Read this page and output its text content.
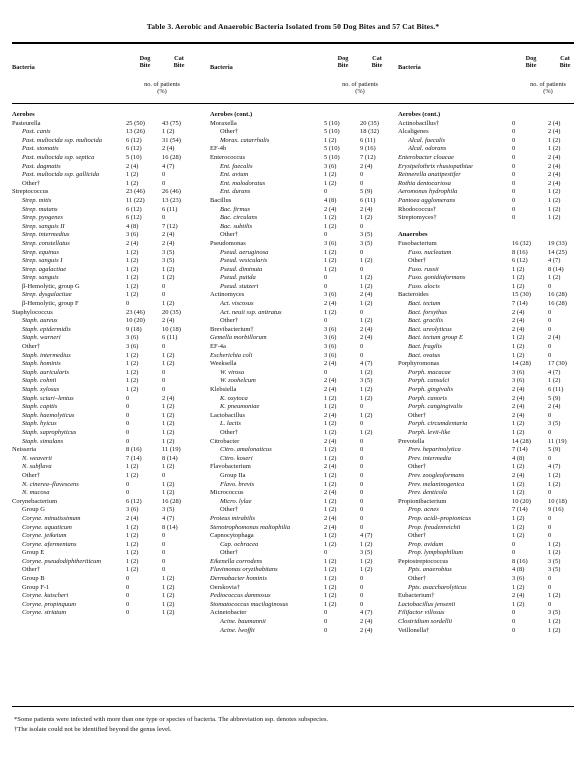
Table 3. Aerobic and Anaerobic Bacteria Isolated from 50 Dog Bites and 57 Cat Bites.*
Bacteria
Dog
Bite
Cat
Bite
no. of patients
(%)
Bacteria
Dog
Bite
Cat
Bite
no. of patients
(%)
Bacteria
Dog
Bite
Cat
Bite
no. of patients
(%)
Aerobes
Pasteurella	25 (50)	43 (75)
Past. canis	13 (26)	1 (2)
Past. multocida ssp. multocida	6 (12)	31 (54)
Past. stomatis	6 (12)	2 (4)
Past. multocida ssp. septica	5 (10)	16 (28)
Past. dagmatis	2 (4)	4 (7)
Past. multocida ssp. gallicida	1 (2)	0
Other†	1 (2)	0
Streptococcus	23 (46)	26 (46)
Strep. mitis	11 (22)	13 (23)
Strep. mutans	6 (12)	6 (11)
Strep. pyogenes	6 (12)	0
Strep. sanguis II	4 (8)	7 (12)
Strep. intermedius	3 (6)	2 (4)
Strep. constellatus	2 (4)	2 (4)
Strep. equinus	1 (2)	3 (5)
Strep. sanguis I	1 (2)	3 (5)
Strep. agalactiae	1 (2)	1 (2)
Strep. sanguis	1 (2)	1 (2)
β-Hemolytic, group G	1 (2)	0
Strep. dysgalactiae	1 (2)	0
β-Hemolytic, group F	0	1 (2)
Staphylococcus	23 (46)	20 (35)
Staph. aureus	10 (20)	2 (4)
Staph. epidermidis	9 (18)	10 (18)
Staph. warneri	3 (6)	6 (11)
Other†	3 (6)	0
Staph. intermedius	1 (2)	1 (2)
Staph. hominis	1 (2)	1 (2)
Staph. auricularis	1 (2)	0
Staph. cohnii	1 (2)	0
Staph. xylosus	1 (2)	0
Staph. sciuri–lentus	0	2 (4)
Staph. capitis	0	1 (2)
Staph. haemolyticus	0	1 (2)
Staph. hyicus	0	1 (2)
Staph. saprophyticus	0	1 (2)
Staph. simulans	0	1 (2)
Neisseria	8 (16)	11 (19)
N. weaverii	7 (14)	8 (14)
N. subflava	1 (2)	1 (2)
Other†	1 (2)	0
N. cinerea–flavescens	0	1 (2)
N. mucosa	0	1 (2)
Corynebacterium	6 (12)	16 (28)
Group G	3 (6)	3 (5)
Coryne. minutissimum	2 (4)	4 (7)
Coryne. aquaticum	1 (2)	8 (14)
Coryne. jeikeium	1 (2)	0
Coryne. afermentans	1 (2)	0
Group E	1 (2)	0
Coryne. pseudodiphtheriticum	1 (2)	0
Other†	1 (2)	0
Group B	0	1 (2)
Group F-1	0	1 (2)
Coryne. kutscheri	0	1 (2)
Coryne. propinquum	0	1 (2)
Coryne. striatum	0	1 (2)
Aerobes (cont.)
Moraxella	5 (10)	20 (35)
Other†	5 (10)	18 (32)
Morax. catarrhalis	1 (2)	6 (11)
EF-4b	5 (10)	9 (16)
Enterococcus	5 (10)	7 (12)
Ent. faecalis	3 (6)	2 (4)
Ent. avium	1 (2)	0
Ent. malodoratus	1 (2)	0
Ent. durans	0	5 (9)
Bacillus	4 (8)	6 (11)
Bac. firmus	2 (4)	2 (4)
Bac. circulans	1 (2)	1 (2)
Bac. subtilis	1 (2)	0
Other†	0	3 (5)
Pseudomonas	3 (6)	3 (5)
Pseud. aeruginosa	1 (2)	0
Pseud. vesicularis	1 (2)	1 (2)
Pseud. diminuta	1 (2)	0
Pseud. putida	0	1 (2)
Pseud. stutzeri	0	1 (2)
Actinomyces	3 (6)	2 (4)
Act. viscosus	2 (4)	1 (2)
Act. neuii ssp. anitratus	1 (2)	0
Other†	0	1 (2)
Brevibacterium†	3 (6)	2 (4)
Gemella morbillorum	3 (6)	2 (4)
EF-4a	3 (6)	0
Escherichia coli	3 (6)	0
Weeksella	2 (4)	4 (7)
W. virosa	0	1 (2)
W. zoohelcum	2 (4)	3 (5)
Klebsiella	2 (4)	1 (2)
K. oxytoca	1 (2)	1 (2)
K. pneumoniae	1 (2)	0
Lactobacillus	2 (4)	1 (2)
L. lactis	1 (2)	0
Other†	1 (2)	1 (2)
Citrobacter	2 (4)	0
Citro. amalonaticus	1 (2)	0
Citro. koseri	1 (2)	0
Flavobacterium	2 (4)	0
Group IIa	1 (2)	0
Flavo. brevis	1 (2)	0
Micrococcus	2 (4)	0
Micro. lylae	1 (2)	0
Other†	1 (2)	0
Proteus mirabilis	2 (4)	0
Stenotrophomonas maltophilia	2 (4)	0
Capnocytophaga	1 (2)	4 (7)
Cap. ochracea	1 (2)	1 (2)
Other†	0	3 (5)
Eikenella corrodens	1 (2)	1 (2)
Flavimonas oryzihabitans	1 (2)	1 (2)
Dermabacter hominis	1 (2)	0
Oerskovia†	1 (2)	0
Pediococcus damnosus	1 (2)	0
Stomatococcus mucilaginosus	1 (2)	0
Acinetobacter	0	4 (7)
Acine. baumannii	0	2 (4)
Acine. lwoffii	0	2 (4)
Aerobes (cont.)
Actinobacillus†	0	2 (4)
Alcaligenes	0	2 (4)
Alcal. faecalis	0	1 (2)
Alcal. odorans	0	1 (2)
Enterobacter cloacae	0	2 (4)
Erysipelothrix rhusiopathiae	0	2 (4)
Reimerella anatipestifer	0	2 (4)
Rothia dentocariosa	0	2 (4)
Aeromonas hydrophila	0	1 (2)
Pantoea agglomerans	0	1 (2)
Rhodococcus†	0	1 (2)
Streptomyces†	0	1 (2)
Anaerobes
Fusobacterium	16 (32)	19 (33)
Fuso. nucleatum	8 (16)	14 (25)
Other†	6 (12)	4 (7)
Fuso. russii	1 (2)	8 (14)
Fuso. gonidiaformans	1 (2)	1 (2)
Fuso. alocis	1 (2)	0
Bacteroides	15 (30)	16 (28)
Bact. tectum	7 (14)	16 (28)
Bact. forsythus	2 (4)	0
Bact. gracilis	2 (4)	0
Bact. ureolyticus	2 (4)	0
Bact. tectum group E	1 (2)	2 (4)
Bact. fragilis	1 (2)	0
Bact. ovatus	1 (2)	0
Porphyromonas	14 (28)	17 (30)
Porph. macacae	3 (6)	4 (7)
Porph. cansulci	3 (6)	1 (2)
Porph. gingivalis	2 (4)	6 (11)
Porph. canoris	2 (4)	5 (9)
Porph. cangingivalis	2 (4)	2 (4)
Other†	2 (4)	0
Porph. circumdentaria	1 (2)	3 (5)
Porph. levii-like	1 (2)	0
Prevotella	14 (28)	11 (19)
Prev. heparinolytica	7 (14)	5 (9)
Prev. intermedia	4 (8)	0
Other†	1 (2)	4 (7)
Prev. zoogleoformans	2 (4)	1 (2)
Prev. melaninogenica	1 (2)	1 (2)
Prev. denticola	1 (2)	0
Propionibacterium	10 (20)	10 (18)
Prop. acnes	7 (14)	9 (16)
Prop. acidi–propionicus	1 (2)	0
Prop. freudenreichii	1 (2)	0
Other†	1 (2)	0
Prop. avidum	0	1 (2)
Prop. lymphophilium	0	1 (2)
Peptostreptococcus	8 (16)	3 (5)
Ppts. anaerobius	4 (8)	3 (5)
Other†	3 (6)	0
Ppts. asaccharolyticus	1 (2)	0
Eubacterium†	2 (4)	1 (2)
Lactobacillus jensenii	1 (2)	0
Filifactor villosus	0	3 (5)
Clostridium sordellii	0	1 (2)
Veillonella†	0	1 (2)
*Some patients were infected with more than one type or species of bacteria. The abbreviation ssp. denotes subspecies.
†The isolate could not be identified beyond the genus level.
